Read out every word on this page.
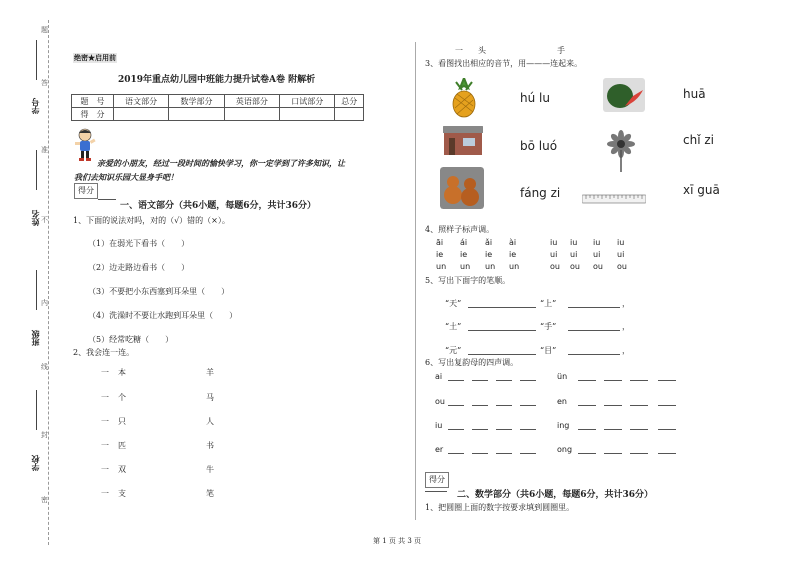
学号
姓名
班级
学校
题
答
准
不
内
线
封
密
绝密★启用前
2019年重点幼儿园中班能力提升试卷A卷 附解析
题　号	语文部分	数学部分	英语部分	口试部分	总分
得　分					
亲爱的小朋友，经过一段时间的愉快学习，你一定学到了许多知识，让
我们去知识乐园大显身手吧！
得分
一、语文部分（共6小题，每题6分，共计36分）
1、下面的说法对吗，对的（√）错的（×）。
（1）在弱光下看书（　　）
（2）边走路边看书（　　）
（3）不要把小东西塞到耳朵里（　　）
（4）洗澡时不要让水跑到耳朵里（　　）
（5）经常吃糖（　　）
2、我会连一连。
一 本	羊
一 个	马
一 只	人
一 匹	书
一 双	牛
一 支	笔
一 头	手
3、看图找出相应的音节，用———连起来。
hú lu
bō luó
fáng zi
huā
chǐ zi
xī guā
4、照样子标声调。
āi ái ǎi ài	iu iu iu iu
ie ie ie ie	ui ui ui ui
un un un un	ou ou ou ou
5、写出下面字的笔顺。
“天”	“上”	，
“土”	“手”	，
“元”	“目”	，
6、写出复韵母的四声调。
ai	ün
ou	en
iu	ing
er	ong
得分
二、数学部分（共6小题，每题6分，共计36分）
1、把圆圈上面的数字按要求填到圆圈里。
第 1 页 共 3 页
